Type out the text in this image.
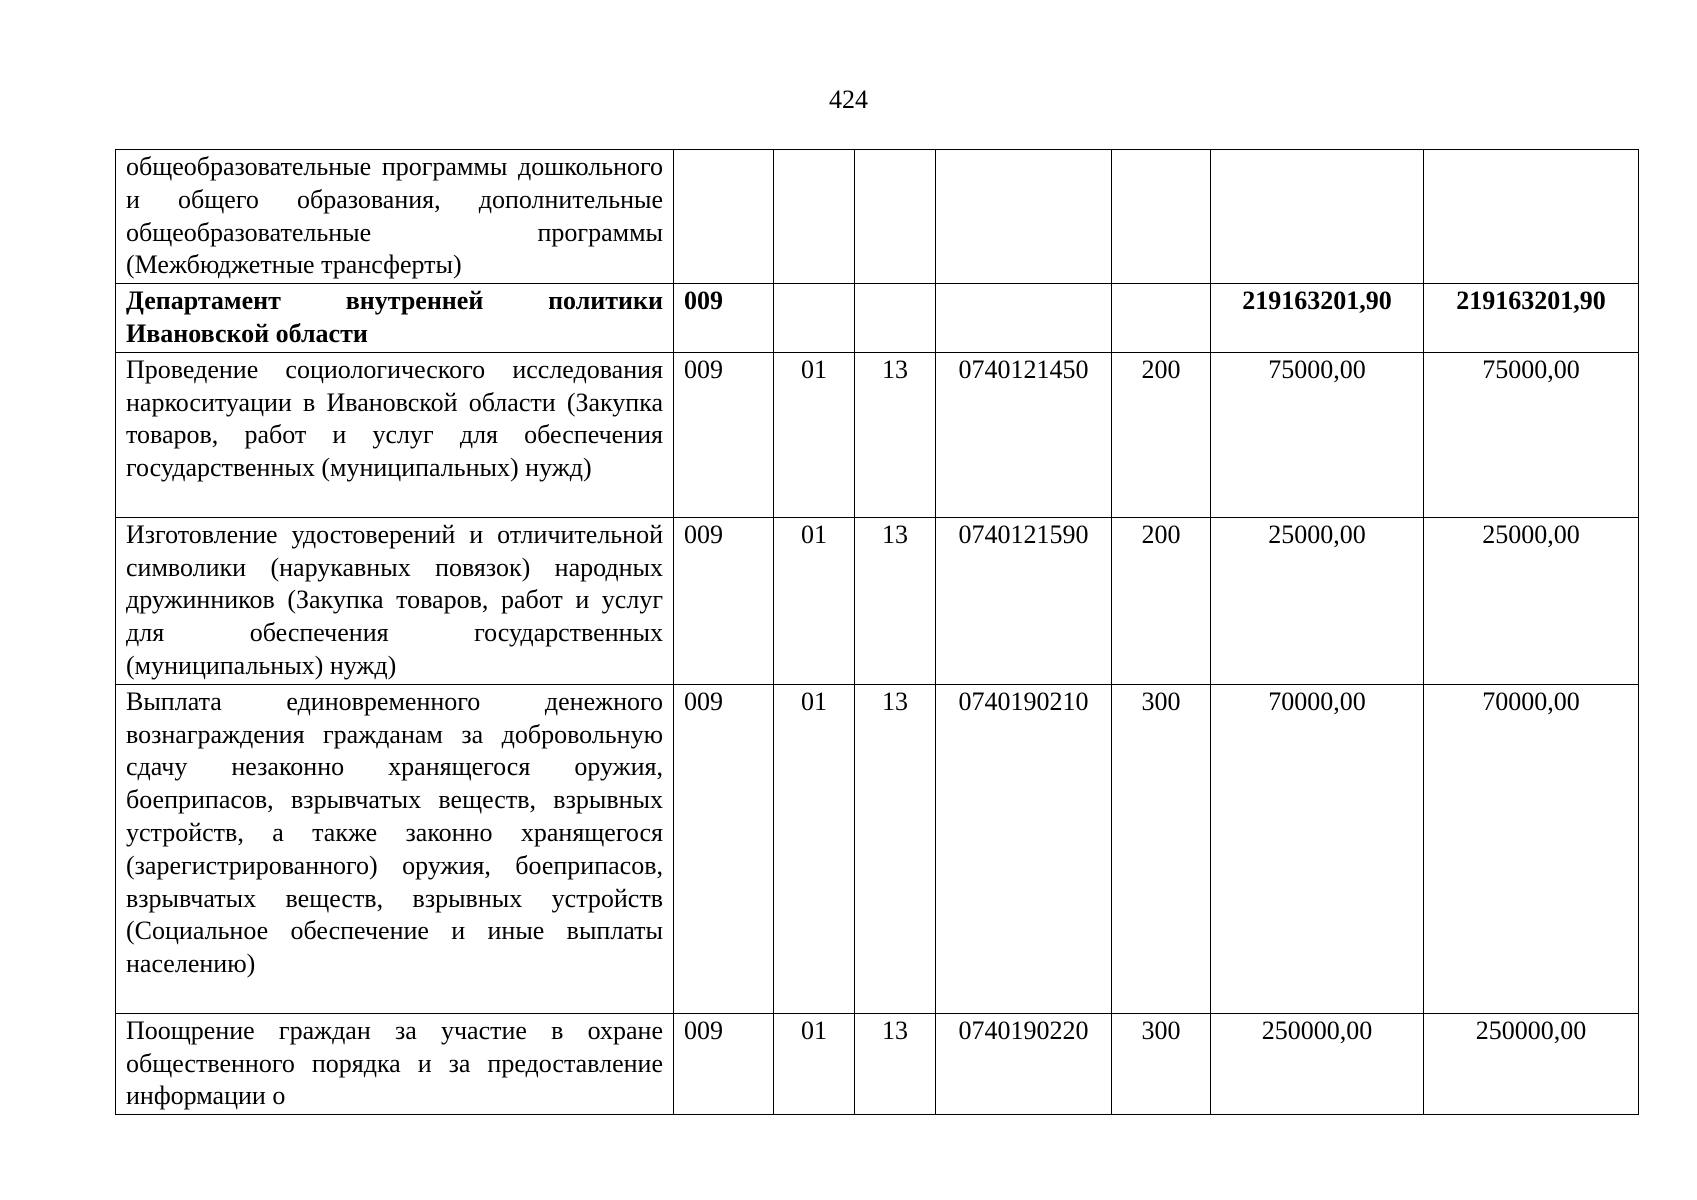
424
общеобразовательные программы дошкольного и общего образования, дополнительные общеобразовательные программы (Межбюджетные трансферты)							
Департамент внутренней политики Ивановской области	009					219163201,90	219163201,90
Проведение социологического исследования наркоситуации в Ивановской области (Закупка товаров, работ и услуг для обеспечения государственных (муниципальных) нужд)	009	01	13	0740121450	200	75000,00	75000,00
Изготовление удостоверений и отличительной символики (нарукавных повязок) народных дружинников (Закупка товаров, работ и услуг для обеспечения государственных (муниципальных) нужд)	009	01	13	0740121590	200	25000,00	25000,00
Выплата единовременного денежного вознаграждения гражданам за добровольную сдачу незаконно хранящегося оружия, боеприпасов, взрывчатых веществ, взрывных устройств, а также законно хранящегося (зарегистрированного) оружия, боеприпасов, взрывчатых веществ, взрывных устройств (Социальное обеспечение и иные выплаты населению)	009	01	13	0740190210	300	70000,00	70000,00
Поощрение граждан за участие в охране общественного порядка и за предоставление информации о	009	01	13	0740190220	300	250000,00	250000,00
